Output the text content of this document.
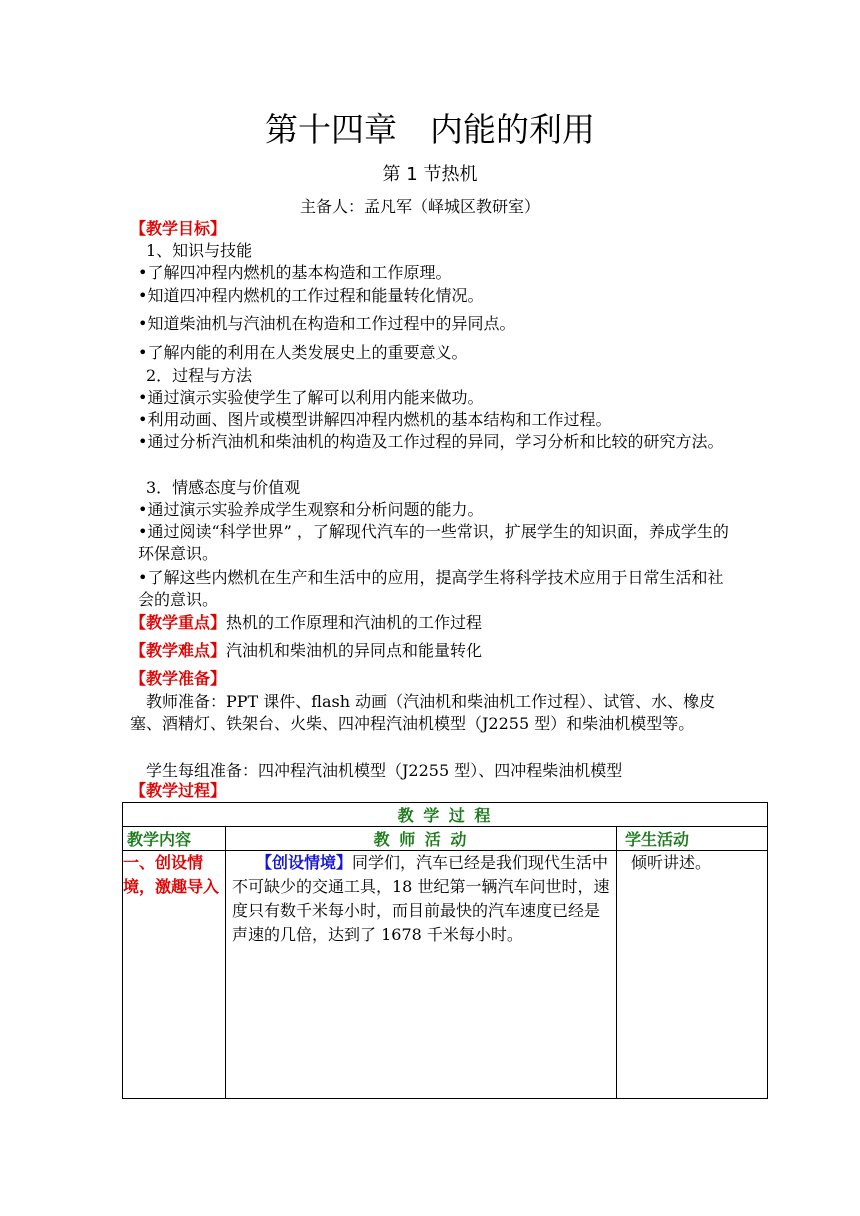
第十四章　内能的利用
第 1 节热机
主备人：孟凡军（峄城区教研室）
【教学目标】
1、知识与技能
• 了解四冲程内燃机的基本构造和工作原理。
• 知道四冲程内燃机的工作过程和能量转化情况。
• 知道柴油机与汽油机在构造和工作过程中的异同点。
• 了解内能的利用在人类发展史上的重要意义。
2．过程与方法
• 通过演示实验使学生了解可以利用内能来做功。
• 利用动画、图片或模型讲解四冲程内燃机的基本结构和工作过程。
• 通过分析汽油机和柴油机的构造及工作过程的异同，学习分析和比较的研究方法。
3．情感态度与价值观
• 通过演示实验养成学生观察和分析问题的能力。
• 通过阅读“科学世界” ，了解现代汽车的一些常识，扩展学生的知识面，养成学生的环保意识。
• 了解这些内燃机在生产和生活中的应用，提高学生将科学技术应用于日常生活和社会的意识。
【教学重点】热机的工作原理和汽油机的工作过程
【教学难点】汽油机和柴油机的异同点和能量转化
【教学准备】
教师准备：PPT 课件、flash 动画（汽油机和柴油机工作过程）、试管、水、橡皮塞、酒精灯、铁架台、火柴、四冲程汽油机模型（J2255 型）和柴油机模型等。
学生每组准备：四冲程汽油机模型（J2255 型）、四冲程柴油机模型
【教学过程】
教 学 过 程		
教学内容	教 师 活 动	学生活动
一、创设情境，激趣导入	【创设情境】同学们，汽车已经是我们现代生活中不可缺少的交通工具，18 世纪第一辆汽车问世时，速度只有数千米每小时，而目前最快的汽车速度已经是声速的几倍，达到了 1678 千米每小时。	倾听讲述。
